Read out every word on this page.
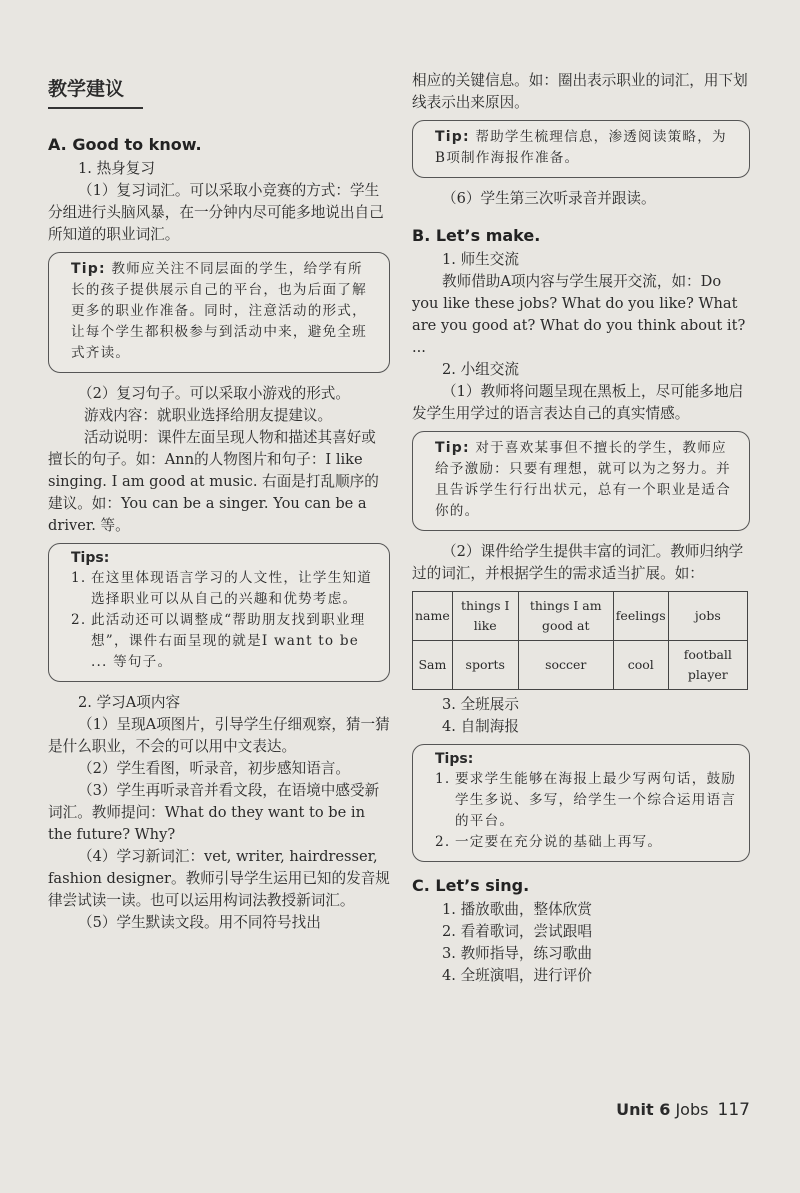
教学建议
A. Good to know.

1. 热身复习

（1）复习词汇。可以采取小竞赛的方式：学生分组进行头脑风暴，在一分钟内尽可能多地说出自己所知道的职业词汇。

Tip: 教师应关注不同层面的学生，给学有所长的孩子提供展示自己的平台，也为后面了解更多的职业作准备。同时，注意活动的形式，让每个学生都积极参与到活动中来，避免全班式齐读。

（2）复习句子。可以采取小游戏的形式。

游戏内容：就职业选择给朋友提建议。

活动说明：课件左面呈现人物和描述其喜好或擅长的句子。如：Ann的人物图片和句子：I like singing. I am good at music. 右面是打乱顺序的建议。如：You can be a singer. You can be a driver. 等。

Tips:
1. 在这里体现语言学习的人文性，让学生知道选择职业可以从自己的兴趣和优势考虑。
2. 此活动还可以调整成“帮助朋友找到职业理想”，课件右面呈现的就是I want to be ... 等句子。

2. 学习A项内容

（1）呈现A项图片，引导学生仔细观察，猜一猜是什么职业，不会的可以用中文表达。

（2）学生看图，听录音，初步感知语言。

（3）学生再听录音并看文段，在语境中感受新词汇。教师提问：What do they want to be in the future? Why?

（4）学习新词汇：vet, writer, hairdresser, fashion designer。教师引导学生运用已知的发音规律尝试读一读。也可以运用构词法教授新词汇。

（5）学生默读文段。用不同符号找出

相应的关键信息。如：圈出表示职业的词汇，用下划线表示出来原因。

Tip: 帮助学生梳理信息，渗透阅读策略，为B项制作海报作准备。

（6）学生第三次听录音并跟读。

B. Let’s make.

1. 师生交流

教师借助A项内容与学生展开交流，如：Do you like these jobs? What do you like? What are you good at? What do you think about it? ...

2. 小组交流

（1）教师将问题呈现在黑板上，尽可能多地启发学生用学过的语言表达自己的真实情感。

Tip: 对于喜欢某事但不擅长的学生，教师应给予激励：只要有理想，就可以为之努力。并且告诉学生行行出状元，总有一个职业是适合你的。

（2）课件给学生提供丰富的词汇。教师归纳学过的词汇，并根据学生的需求适当扩展。如：

name	things I like	things I am good at	feelings	jobs
Sam	sports	soccer	cool	football player

3. 全班展示

4. 自制海报

Tips:
1. 要求学生能够在海报上最少写两句话，鼓励学生多说、多写，给学生一个综合运用语言的平台。
2. 一定要在充分说的基础上再写。
C. Let’s sing.

1. 播放歌曲，整体欣赏

2. 看着歌词，尝试跟唱

3. 教师指导，练习歌曲

4. 全班演唱，进行评价

Unit 6 Jobs 117
